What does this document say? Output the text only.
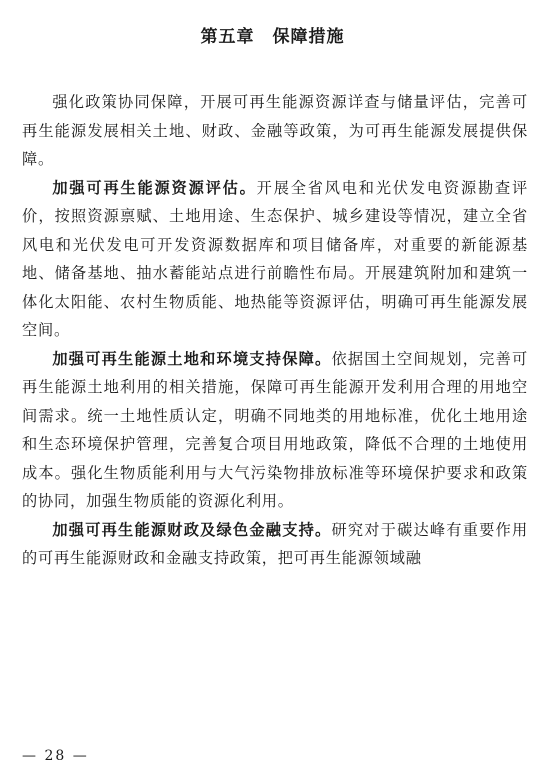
第五章 保障措施

强化政策协同保障，开展可再生能源资源详查与储量评估，完善可再生能源发展相关土地、财政、金融等政策，为可再生能源发展提供保障。

加强可再生能源资源评估。开展全省风电和光伏发电资源勘查评价，按照资源禀赋、土地用途、生态保护、城乡建设等情况，建立全省风电和光伏发电可开发资源数据库和项目储备库，对重要的新能源基地、储备基地、抽水蓄能站点进行前瞻性布局。开展建筑附加和建筑一体化太阳能、农村生物质能、地热能等资源评估，明确可再生能源发展空间。

加强可再生能源土地和环境支持保障。依据国土空间规划，完善可再生能源土地利用的相关措施，保障可再生能源开发利用合理的用地空间需求。统一土地性质认定，明确不同地类的用地标准，优化土地用途和生态环境保护管理，完善复合项目用地政策，降低不合理的土地使用成本。强化生物质能利用与大气污染物排放标准等环境保护要求和政策的协同，加强生物质能的资源化利用。

加强可再生能源财政及绿色金融支持。研究对于碳达峰有重要作用的可再生能源财政和金融支持政策，把可再生能源领域融

— 28 —
